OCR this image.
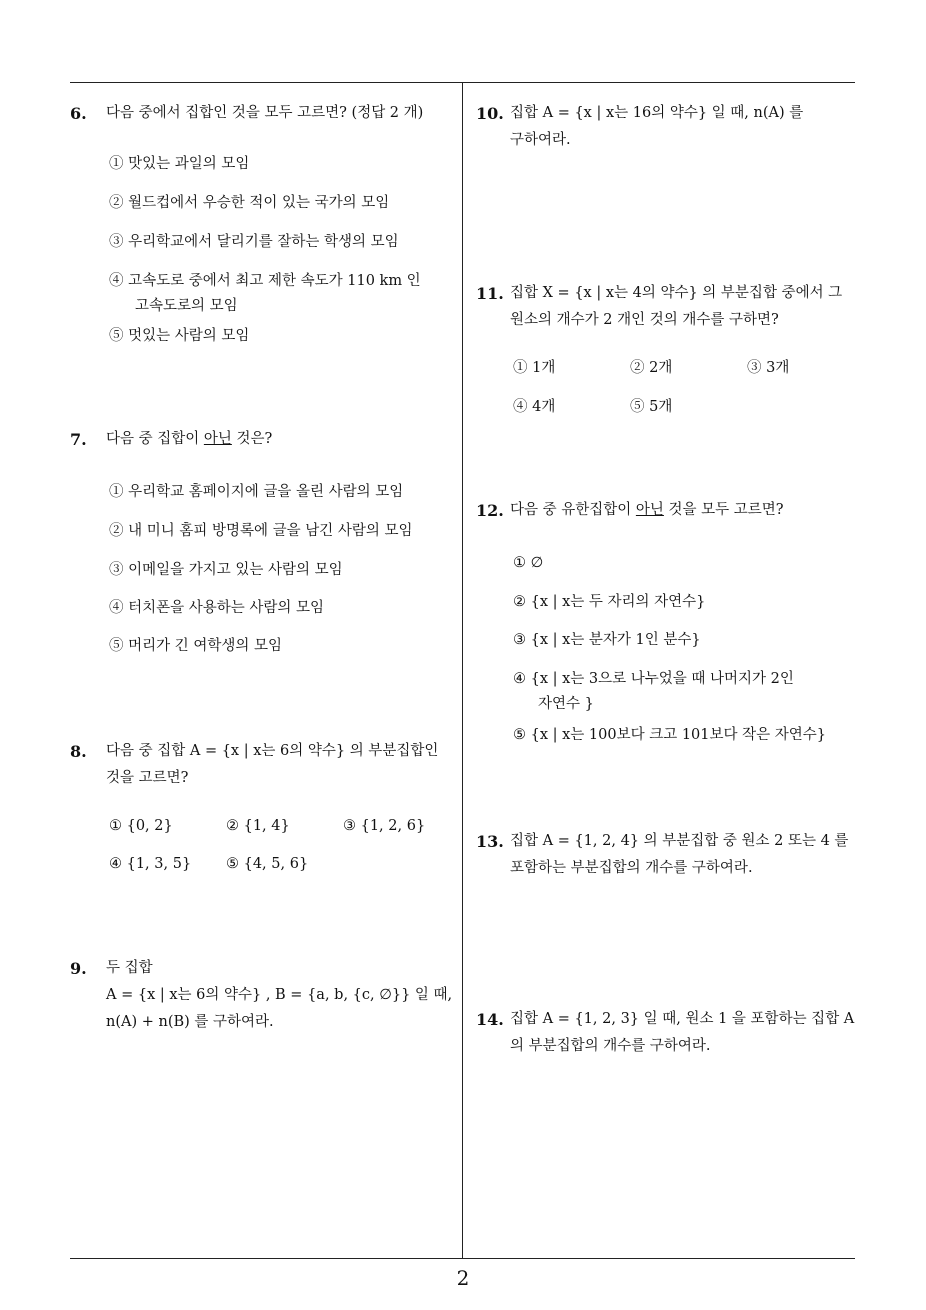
6. 다음 중에서 집합인 것을 모두 고르면? (정답 2 개)
① 맛있는 과일의 모임
② 월드컵에서 우승한 적이 있는 국가의 모임
③ 우리학교에서 달리기를 잘하는 학생의 모임
④ 고속도로 중에서 최고 제한 속도가 110 km 인
고속도로의 모임
⑤ 멋있는 사람의 모임
7. 다음 중 집합이 아닌 것은?
① 우리학교 홈페이지에 글을 올린 사람의 모임
② 내 미니 홈피 방명록에 글을 남긴 사람의 모임
③ 이메일을 가지고 있는 사람의 모임
④ 터치폰을 사용하는 사람의 모임
⑤ 머리가 긴 여학생의 모임
8. 다음 중 집합 A = {x | x는 6의 약수} 의 부분집합인
것을 고르면?
① {0, 2}	② {1, 4}	③ {1, 2, 6}
④ {1, 3, 5} ⑤ {4, 5, 6}
9. 두 집합
A = {x | x는 6의 약수} , B = {a, b, {c, ∅}} 일 때,
n(A) + n(B) 를 구하여라.
10. 집합 A = {x | x는 16의 약수} 일 때, n(A) 를
구하여라.
11. 집합 X = {x | x는 4의 약수} 의 부분집합 중에서 그
원소의 개수가 2 개인 것의 개수를 구하면?
① 1개	② 2개	③ 3개
④ 4개	⑤ 5개
12. 다음 중 유한집합이 아닌 것을 모두 고르면?
① ∅
② {x | x는 두 자리의 자연수}
③ {x | x는 분자가 1인 분수}
④ {x | x는 3으로 나누었을 때 나머지가 2인
자연수 }
⑤ {x | x는 100보다 크고 101보다 작은 자연수}
13. 집합 A = {1, 2, 4} 의 부분집합 중 원소 2 또는 4 를
포함하는 부분집합의 개수를 구하여라.
14. 집합 A = {1, 2, 3} 일 때, 원소 1 을 포함하는 집합 A
의 부분집합의 개수를 구하여라.
2
